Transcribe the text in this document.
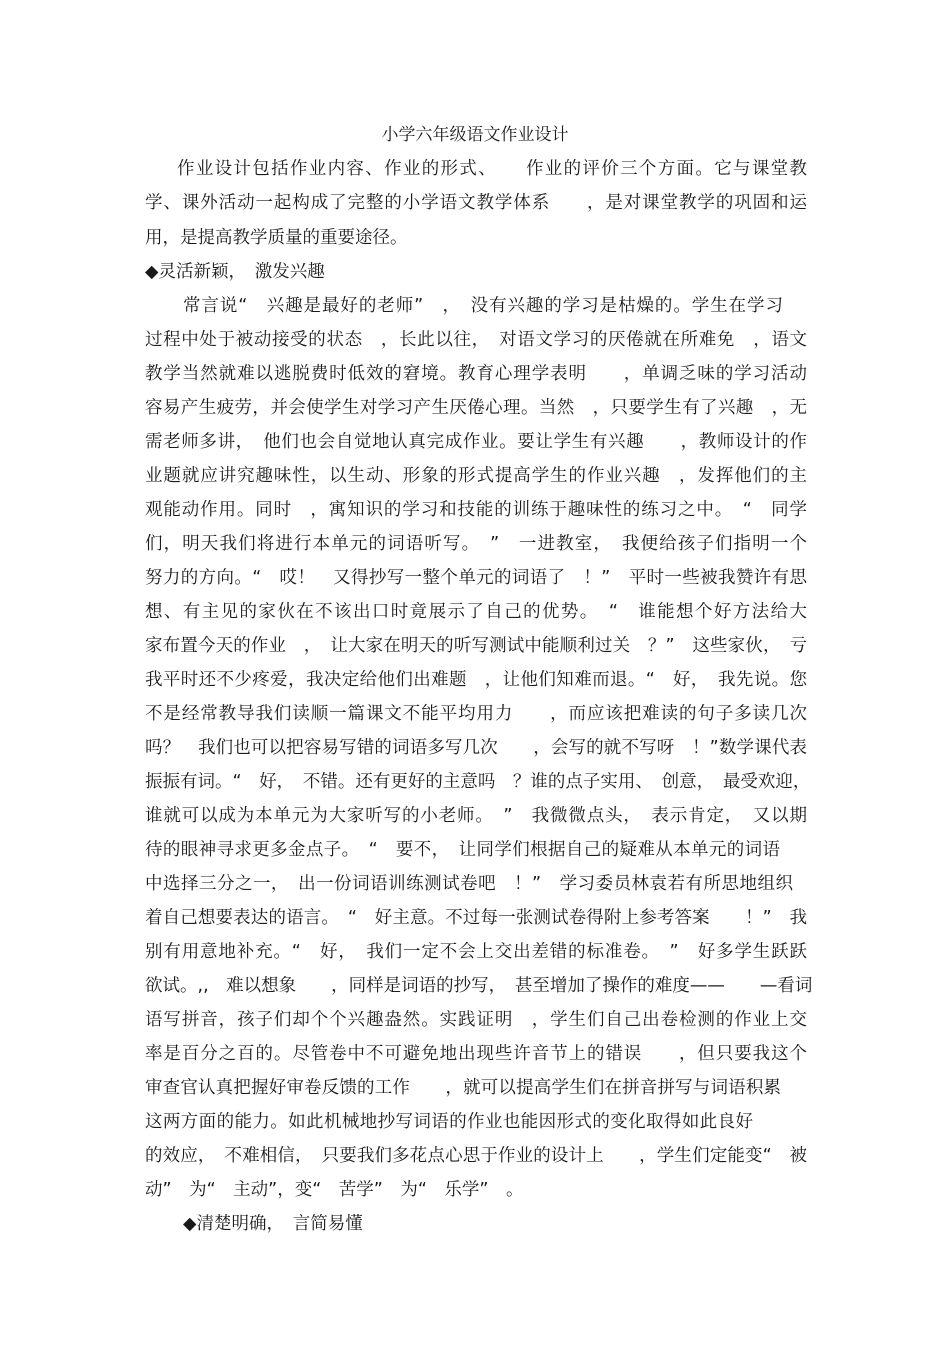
小学六年级语文作业设计
作业设计包括作业内容、作业的形式、　　作业的评价三个方面。它与课堂教
学、课外活动一起构成了完整的小学语文教学体系　　，是对课堂教学的巩固和运
用，是提高教学质量的重要途径。
◆灵活新颖，　激发兴趣
常言说“　兴趣是最好的老师”　，　没有兴趣的学习是枯燥的。学生在学习
过程中处于被动接受的状态　，长此以往，　对语文学习的厌倦就在所难免　，语文
教学当然就难以逃脱费时低效的窘境。教育心理学表明　　，单调乏味的学习活动
容易产生疲劳，并会使学生对学习产生厌倦心理。当然　，只要学生有了兴趣　，无
需老师多讲，　他们也会自觉地认真完成作业。要让学生有兴趣　　，教师设计的作
业题就应讲究趣味性，以生动、形象的形式提高学生的作业兴趣　，发挥他们的主
观能动作用。同时　，寓知识的学习和技能的训练于趣味性的练习之中。　“　同学
们，明天我们将进行本单元的词语听写。　”　一进教室，　我便给孩子们指明一个
努力的方向。“　哎！　又得抄写一整个单元的词语了　！”　平时一些被我赞许有思
想、有主见的家伙在不该出口时竟展示了自己的优势。　“　谁能想个好方法给大
家布置今天的作业　，　让大家在明天的听写测试中能顺利过关　？”　这些家伙，　亏
我平时还不少疼爱，我决定给他们出难题　，让他们知难而退。“　好，　我先说。您
不是经常教导我们读顺一篇课文不能平均用力　　，而应该把难读的句子多读几次
吗？　我们也可以把容易写错的词语多写几次　　，会写的就不写呀　！”数学课代表
振振有词。“　好，　不错。还有更好的主意吗　？谁的点子实用、　创意，　最受欢迎，
谁就可以成为本单元为大家听写的小老师。　”　我微微点头，　表示肯定，　又以期
待的眼神寻求更多金点子。　“　要不，　让同学们根据自己的疑难从本单元的词语
中选择三分之一，　出一份词语训练测试卷吧　！”　学习委员林袁若有所思地组织
着自己想要表达的语言。　“　好主意。不过每一张测试卷得附上参考答案　　！”　我
别有用意地补充。“　好，　我们一定不会上交出差错的标准卷。　”　好多学生跃跃
欲试。,,　难以想象　　，同样是词语的抄写，　甚至增加了操作的难度——　　—看词
语写拼音，孩子们却个个兴趣盎然。实践证明　，学生们自己出卷检测的作业上交
率是百分之百的。尽管卷中不可避免地出现些许音节上的错误　　，但只要我这个
审查官认真把握好审卷反馈的工作　　，就可以提高学生们在拼音拼写与词语积累
这两方面的能力。如此机械地抄写词语的作业也能因形式的变化取得如此良好
的效应，　不难相信，　只要我们多花点心思于作业的设计上　　，学生们定能变“　被
动”　为“　主动”，变“　苦学”　为“　乐学”　。
◆清楚明确，　言简易懂
